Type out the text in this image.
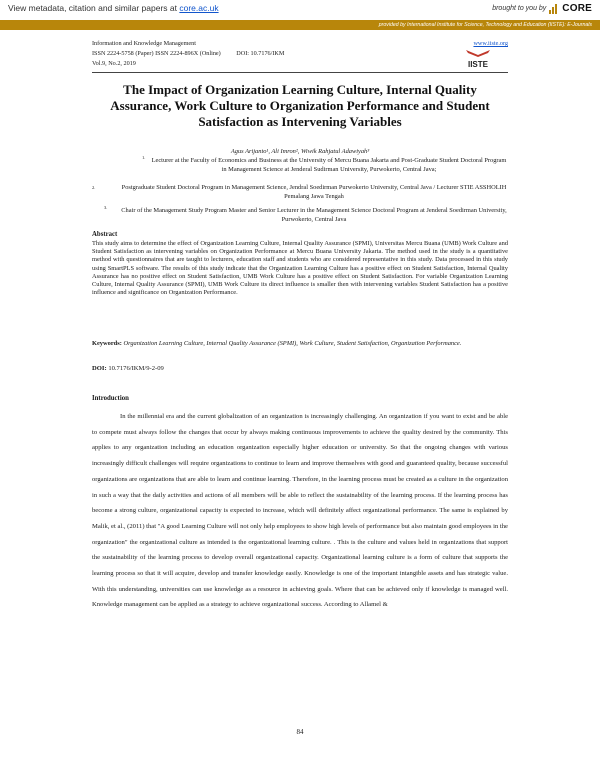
View metadata, citation and similar papers at core.ac.uk	brought to you by CORE
provided by International Institute for Science, Technology and Education (IISTE): E-Journals
Information and Knowledge Management
ISSN 2224-5758 (Paper) ISSN 2224-896X (Online)	DOI: 10.7176/IKM
Vol.9, No.2, 2019
www.iiste.org
IISTE
The Impact of Organization Learning Culture, Internal Quality Assurance, Work Culture to Organization Performance and Student Satisfaction as Intervening Variables
Agus Arijanto¹, Ali Imron², Wiwik Rahjatul Adawiyah³
1. Lecturer at the Faculty of Economics and Business at the University of Mercu Buana Jakarta and Post-Graduate Student Doctoral Program in Management Science at Jenderal Sudirman University, Purwokerto, Central Java;
2.	Postgraduate Student Doctoral Program in Management Science, Jendral Soedirman Purwokerto University, Central Java / Lecturer STIE ASSHOLIH Pemalang Jawa Tengah
3. Chair of the Management Study Program Master and Senior Lecturer in the Management Science Doctoral Program at Jenderal Soedirman University, Purwokerto, Central Java
Abstract
This study aims to determine the effect of Organization Learning Culture, Internal Quality Assurance (SPMI), Universitas Mercu Buana (UMB) Work Culture and Student Satisfaction as intervening variables on Organization Performance at Mercu Buana University Jakarta. The method used in the study is a quantitative method with questionnaires that are taught to lecturers, education staff and students who are considered representative in this study. Data processed in this study using SmartPLS software. The results of this study indicate that the Organization Learning Culture has a positive effect on Student Satisfaction, Internal Quality Assurance has no positive effect on Student Satisfaction, UMB Work Culture has a positive effect on Student Satisfaction. For variable Organization Learning Culture, Internal Quality Assurance (SPMI), UMB Work Culture its direct influence is smaller then with intervening variables Student Satisfaction has a positive influence and significance on Organization Performance.
Keywords: Organization Learning Culture, Internal Quality Assurance (SPMI), Work Culture, Student Satisfaction, Organization Performance.
DOI: 10.7176/IKM/9-2-09
Introduction
In the millennial era and the current globalization of an organization is increasingly challenging. An organization if you want to exist and be able to compete must always follow the changes that occur by always making continuous improvements to achieve the quality desired by the community. This applies to any organization including an education organization especially higher education or university. So that the ongoing changes with various increasingly difficult challenges will require organizations to continue to learn and improve themselves with good and guaranteed quality, because successful organizations are organizations that are able to learn and continue learning. Therefore, in the learning process must be created as a culture in the organization in such a way that the daily activities and actions of all members will be able to reflect the sustainability of the learning process. If the learning process has become a strong culture, organizational capacity is expected to increase, which will definitely affect organizational performance. The same is explained by Malik, et al., (2011) that "A good Learning Culture will not only help employees to show high levels of performance but also maintain good employees in the organization" the organizational culture as intended is the organizational learning culture. . This is the culture and values held in organizations that support the sustainability of the learning process to develop overall organizational capacity. Organizational learning culture is a form of culture that supports the learning process so that it will acquire, develop and transfer knowledge easily. Knowledge is one of the important intangible assets and has strategic value. With this understanding, universities can use knowledge as a resource in achieving goals. Where that can be achieved only if knowledge is managed well. Knowledge management can be applied as a strategy to achieve organizational success. According to Allamel &
84
